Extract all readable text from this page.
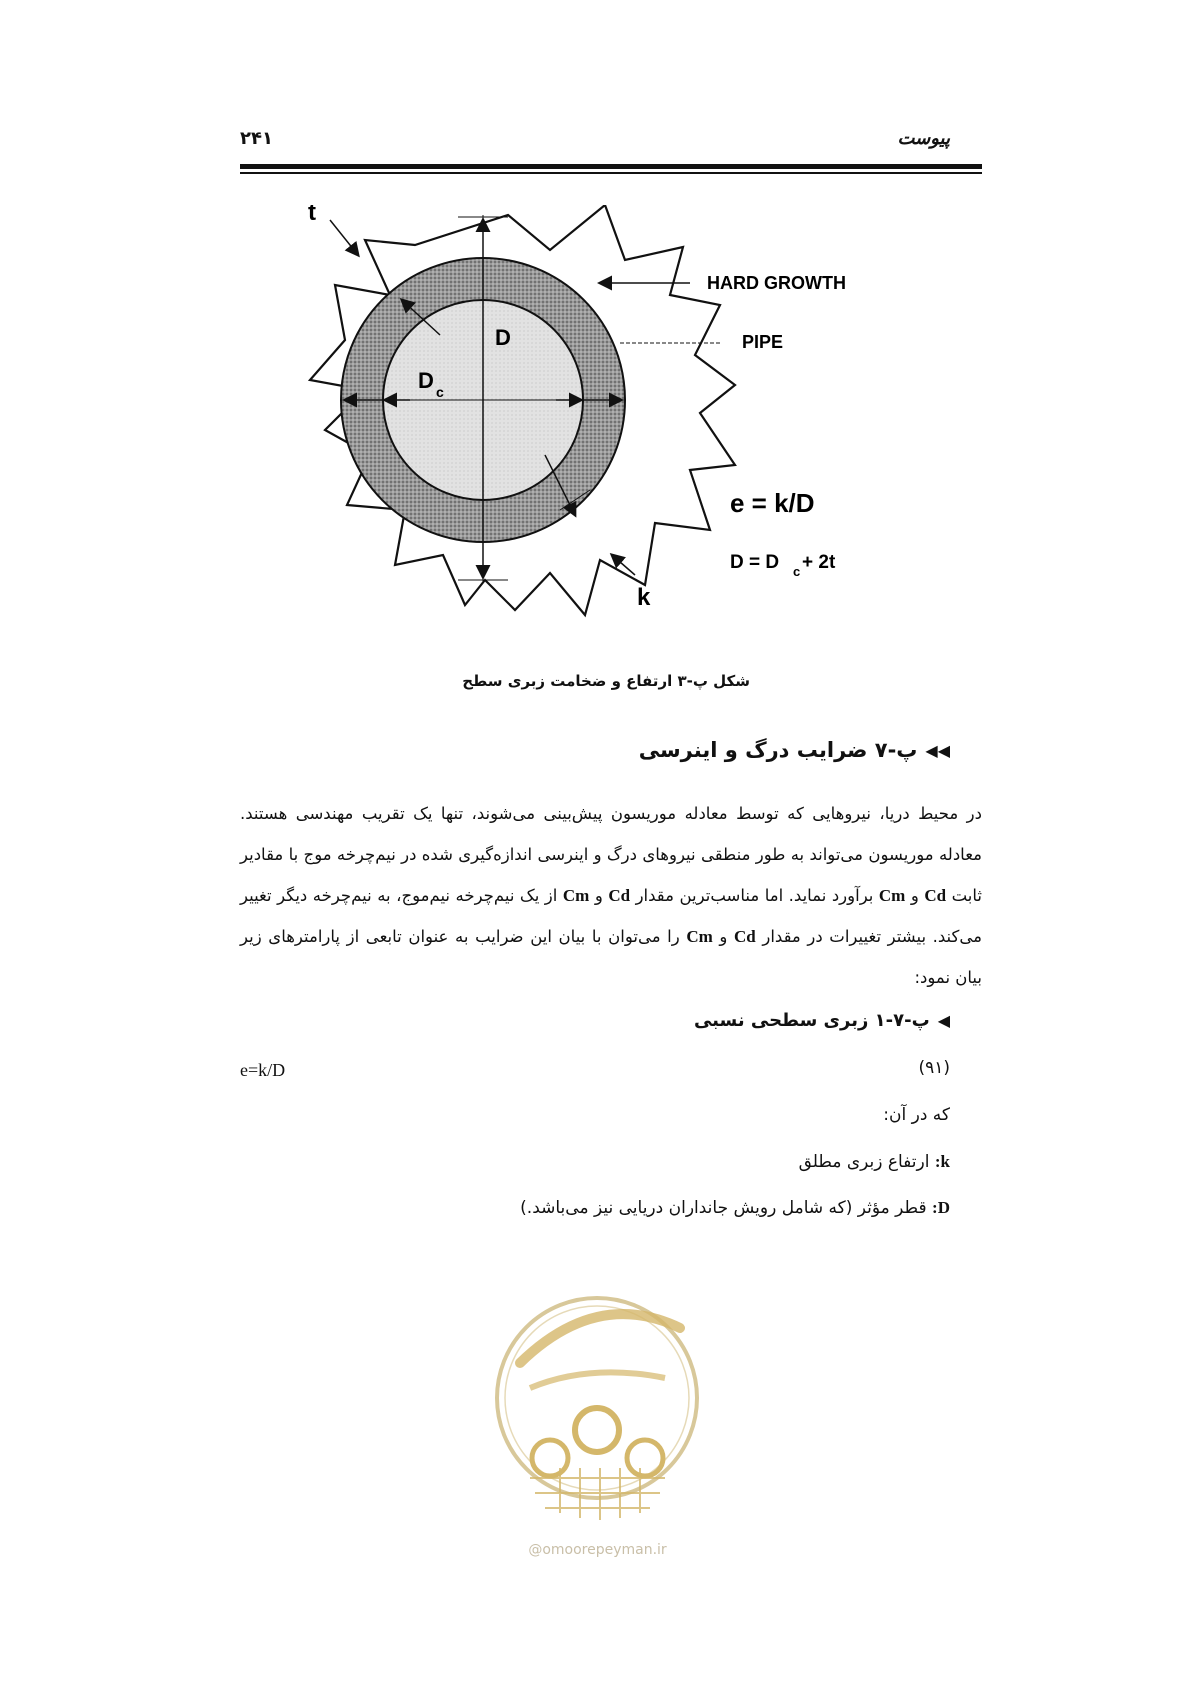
پیوست
۲۴۱
t
D
D c
k
HARD GROWTH
PIPE
e = k/D
D = D c + 2t
شکل پ-۳ ارتفاع و ضخامت زبری سطح
◀◀
پ-۷ ضرایب درگ و اینرسی
در محیط دریا، نیروهایی که توسط معادله موریسون پیش‌بینی می‌شوند، تنها یک تقریب مهندسی هستند. معادله موریسون می‌تواند به طور منطقی نیروهای درگ و اینرسی اندازه‌گیری شده در نیم‌چرخه موج با مقادیر ثابت Cd و Cm برآورد نماید. اما مناسب‌ترین مقدار Cd و Cm از یک نیم‌چرخه نیم‌موج، به نیم‌چرخه دیگر تغییر می‌کند. بیشتر تغییرات در مقدار Cd و Cm را می‌توان با بیان این ضرایب به عنوان تابعی از پارامترهای زیر بیان نمود:
◀
پ-۷-۱ زبری سطحی نسبی
e=k/D	(۹۱)
که در آن:
k: ارتفاع زبری مطلق
D: قطر مؤثر (که شامل رویش جانداران دریایی نیز می‌باشد.)
@omoorepeyman.ir
